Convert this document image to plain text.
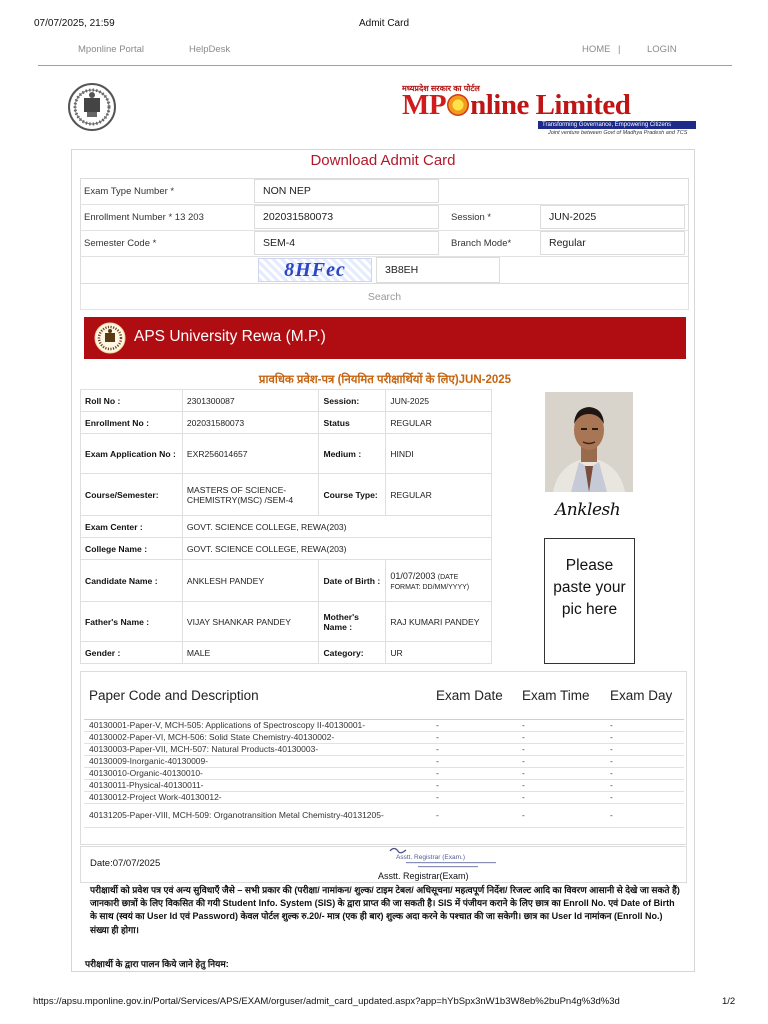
07/07/2025, 21:59	Admit Card
Mponline Portal	HelpDesk	HOME |	LOGIN
मध्यप्रदेश सरकार का पोर्टल
MP nline Limited
Transforming Governance, Empowering Citizens
Joint venture between Govt of Madhya Pradesh and TCS
Download Admit Card
Exam Type Number *	NON NEP
Enrollment Number * 13 203	202031580073	Session *	JUN-2025
Semester Code *	SEM-4	Branch Mode*	Regular
8HFec	3B8EH
Search
APS University Rewa (M.P.)
प्रावधिक प्रवेश-पत्र (नियमित परीक्षार्थियों के लिए)JUN-2025
Roll No :	2301300087	Session:	JUN-2025
Enrollment No :	202031580073	Status	REGULAR
Exam Application No :	EXR256014657	Medium :	HINDI
Course/Semester:	MASTERS OF SCIENCE-CHEMISTRY(MSC) /SEM-4	Course Type:	REGULAR
Exam Center :	GOVT. SCIENCE COLLEGE, REWA(203)		
College Name :	GOVT. SCIENCE COLLEGE, REWA(203)		
Candidate Name :	ANKLESH PANDEY	Date of Birth :	01/07/2003 (DATE FORMAT: DD/MM/YYYY)
Father's Name :	VIJAY SHANKAR PANDEY	Mother's Name :	RAJ KUMARI PANDEY
Gender :	MALE	Category:	UR
Anklesh
Please paste your pic here
Paper Code and Description	Exam Date	Exam Time	Exam Day
40130001-Paper-V, MCH-505: Applications of Spectroscopy II-40130001-	-	-	-
40130002-Paper-VI, MCH-506: Solid State Chemistry-40130002-	-	-	-
40130003-Paper-VII, MCH-507: Natural Products-40130003-	-	-	-
40130009-Inorganic-40130009-	-	-	-
40130010-Organic-40130010-	-	-	-
40130011-Physical-40130011-	-	-	-
40130012-Project Work-40130012-	-	-	-
40131205-Paper-VIII, MCH-509: Organotransition Metal Chemistry-40131205-	-	-	-
Date:07/07/2025
Asstt. Registrar (Exam.)
Asstt. Registrar(Exam)
परीक्षार्थी को प्रवेश पत्र एवं अन्य सुविधाएँ जैसे – सभी प्रकार की (परीक्षा/ नामांकन/ शुल्क/ टाइम टेबल/ अधिसूचना/ महत्वपूर्ण निर्देश/ रिजल्ट आदि का विवरण आसानी से देखे जा सकते हैं) जानकारी छात्रों के लिए विकसित की गयी Student Info. System (SIS) के द्वारा प्राप्त की जा सकती है। SIS में पंजीयन कराने के लिए छात्र का Enroll No. एवं Date of Birth के साथ (स्वयं का User Id एवं Password) केवल पोर्टल शुल्क रु.20/- मात्र (एक ही बार) शुल्क अदा करने के पश्चात की जा सकेगी। छात्र का User Id नामांकन (Enroll No.) संख्या ही होगा।
परीक्षार्थी के द्वारा पालन किये जाने हेतु नियम:
https://apsu.mponline.gov.in/Portal/Services/APS/EXAM/orguser/admit_card_updated.aspx?app=hYbSpx3nW1b3W8eb%2buPn4g%3d%3d	1/2
